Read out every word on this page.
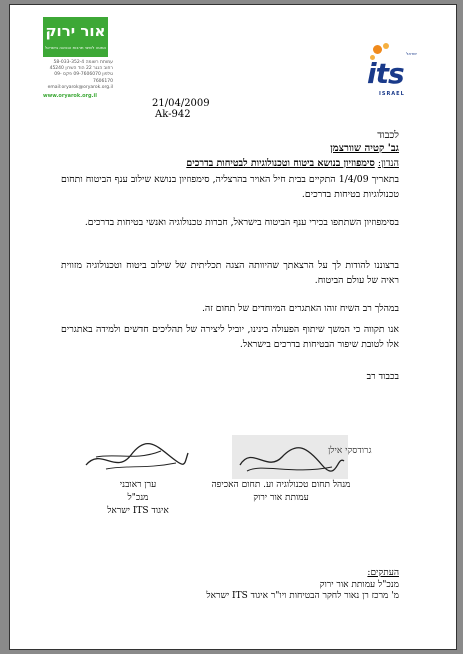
אור ירוק
המטה לשינוי תרבות הנהיגה בישראל
עמותת רשומה 58-033-352-4
רחוב הנגר 22 הוד השרון 45240
טלפון 09-7606070 פקס 09-7606170
email:oryarok@oryarok.org.il
www.oryarok.org.il
ישראל
its
ISRAEL
21/04/2009
Ak-942
לכבוד
גב' קטיה שוורצמן
הנדון: סימפוזיון בנושא ביטוח וטכנולוגיות לבטיחות בדרכים
בתאריך 1/4/09 התקיים בבית חיל האויר בהרצליה, סימפוזיון בנושא שילוב ענף הביטוח ותחום טכנולוגיות בטיחות בדרכים.
בסימפוזיון השתתפו בכירי ענף הביטוח בישראל, חברות טכנולוגיה ואנשי בטיחות בדרכים.
ברצוננו להודות לך על הרצאתך שהיוותה הצגה תכליתית של שילוב ביטוח וטכנולוגיה מזווית ראיה של עולם הביטוח.
במהלך רב השיח זוהו האתגרים המיוחדים של תחום זה.
אנו תקווה כי המשך שיתוף הפעולה בינינו, יוביל ליצירה של תהליכים חדשים ולמידה באתגרים אלו לטובת שיפור הבטיחות בדרכים בישראל.
בכבוד רב
גרודסקי אילן
מנהל תחום טכנולוגיה וע. תחום האכיפה
עמותת אור ירוק
ערן ראובני
מנכ"ל
איגוד ITS ישראל
העתקים:
מנכ"ל עמותת אור ירוק
מ' מרכז רן נאור לחקר הבטיחות ויו"ר איגוד ITS ישראל
